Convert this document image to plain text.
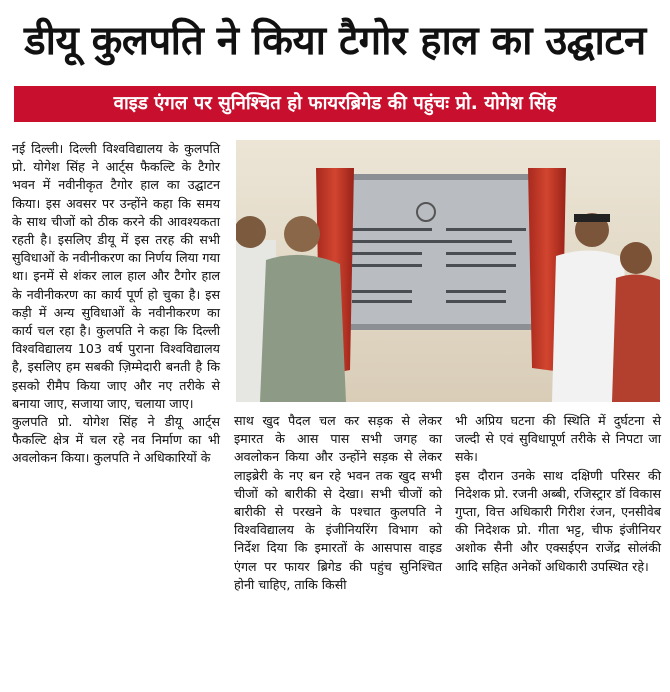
डीयू कुलपति ने किया टैगोर हाल का उद्घाटन
वाइड एंगल पर सुनिश्चित हो फायरब्रिगेड की पहुंचः प्रो. योगेश सिंह

नई दिल्ली। दिल्ली विश्वविद्यालय के कुलपति प्रो. योगेश सिंह ने आर्ट्स फैकल्टि के टैगोर भवन में नवीनीकृत टैगोर हाल का उद्घाटन किया। इस अवसर पर उन्होंने कहा कि समय के साथ चीजों को ठीक करने की आवश्यकता रहती है। इसलिए डीयू में इस तरह की सभी सुविधाओं के नवीनीकरण का निर्णय लिया गया था। इनमें से शंकर लाल हाल और टैगोर हाल के नवीनीकरण का कार्य पूर्ण हो चुका है। इस कड़ी में अन्य सुविधाओं के नवीनीकरण का कार्य चल रहा है। कुलपति ने कहा कि दिल्ली विश्वविद्यालय 103 वर्ष पुराना विश्वविद्यालय है, इसलिए हम सबकी ज़िम्मेदारी बनती है कि इसको रीमैप किया जाए और नए तरीके से बनाया जाए, सजाया जाए, चलाया जाए।

कुलपति प्रो. योगेश सिंह ने डीयू आर्ट्स फैकल्टि क्षेत्र में चल रहे नव निर्माण का भी अवलोकन किया। कुलपति ने अधिकारियों के

साथ खुद पैदल चल कर सड़क से लेकर इमारत के आस पास सभी जगह का अवलोकन किया और उन्होंने सड़क से लेकर लाइब्रेरी के नए बन रहे भवन तक खुद सभी चीजों को बारीकी से देखा। सभी चीजों को बारीकी से परखने के पश्चात कुलपति ने विश्वविद्यालय के इंजीनियरिंग विभाग को निर्देश दिया कि इमारतों के आसपास वाइड एंगल पर फायर ब्रिगेड की पहुंच सुनिश्चित होनी चाहिए, ताकि किसी

भी अप्रिय घटना की स्थिति में दुर्घटना से जल्दी से एवं सुविधापूर्ण तरीके से निपटा जा सके।

इस दौरान उनके साथ दक्षिणी परिसर की निदेशक प्रो. रजनी अब्बी, रजिस्ट्रार डॉ विकास गुप्ता, वित्त अधिकारी गिरीश रंजन, एनसीवेब की निदेशक प्रो. गीता भट्ट, चीफ इंजीनियर अशोक सैनी और एक्सईएन राजेंद्र सोलंकी आदि सहित अनेकों अधिकारी उपस्थित रहे।
